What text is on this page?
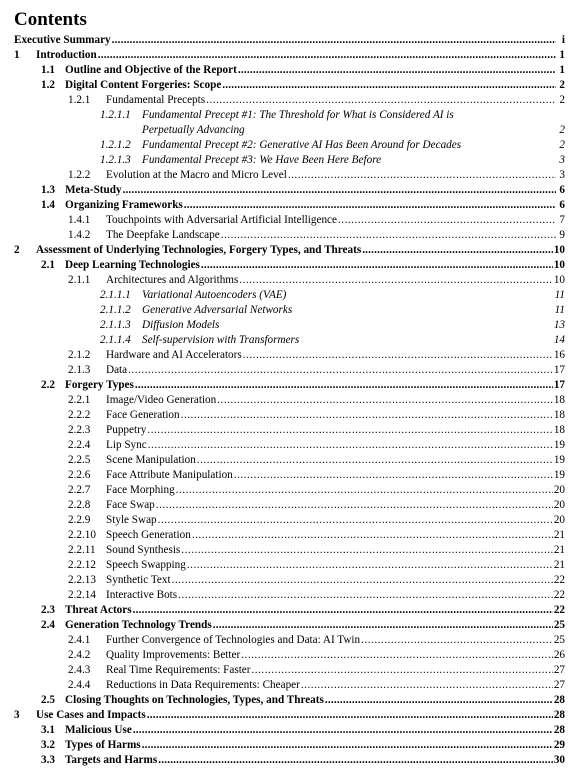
Contents
Executive Summary .....	i
1	Introduction .....	1
1.1 Outline and Objective of the Report .....	1
1.2 Digital Content Forgeries: Scope .....	2
1.2.1	Fundamental Precepts .....	2
1.2.1.1	Fundamental Precept #1: The Threshold for What is Considered AI is
Perpetually Advancing	2
1.2.1.2	Fundamental Precept #2: Generative AI Has Been Around for Decades	2
1.2.1.3	Fundamental Precept #3: We Have Been Here Before	3
1.2.2	Evolution at the Macro and Micro Level .....	3
1.3 Meta-Study .....	6
1.4 Organizing Frameworks .....	6
1.4.1	Touchpoints with Adversarial Artificial Intelligence .....	7
1.4.2	The Deepfake Landscape .....	9
2	Assessment of Underlying Technologies, Forgery Types, and Threats .....	10
2.1 Deep Learning Technologies .....	10
2.1.1	Architectures and Algorithms .....	10
2.1.1.1	Variational Autoencoders (VAE)	11
2.1.1.2	Generative Adversarial Networks	11
2.1.1.3	Diffusion Models	13
2.1.1.4	Self-supervision with Transformers	14
2.1.2	Hardware and AI Accelerators .....	16
2.1.3	Data .....	17
2.2 Forgery Types .....	17
2.2.1	Image/Video Generation .....	18
2.2.2	Face Generation .....	18
2.2.3	Puppetry .....	18
2.2.4	Lip Sync .....	19
2.2.5	Scene Manipulation .....	19
2.2.6	Face Attribute Manipulation .....	19
2.2.7	Face Morphing .....	20
2.2.8	Face Swap .....	20
2.2.9	Style Swap .....	20
2.2.10 Speech Generation .....	21
2.2.11 Sound Synthesis .....	21
2.2.12 Speech Swapping .....	21
2.2.13 Synthetic Text .....	22
2.2.14 Interactive Bots .....	22
2.3 Threat Actors .....	22
2.4 Generation Technology Trends .....	25
2.4.1	Further Convergence of Technologies and Data: AI Twin .....	25
2.4.2	Quality Improvements: Better .....	26
2.4.3	Real Time Requirements: Faster .....	27
2.4.4	Reductions in Data Requirements: Cheaper .....	27
2.5 Closing Thoughts on Technologies, Types, and Threats .....	28
3	Use Cases and Impacts .....	28
3.1 Malicious Use .....	28
3.2 Types of Harms .....	29
3.3 Targets and Harms .....	30
